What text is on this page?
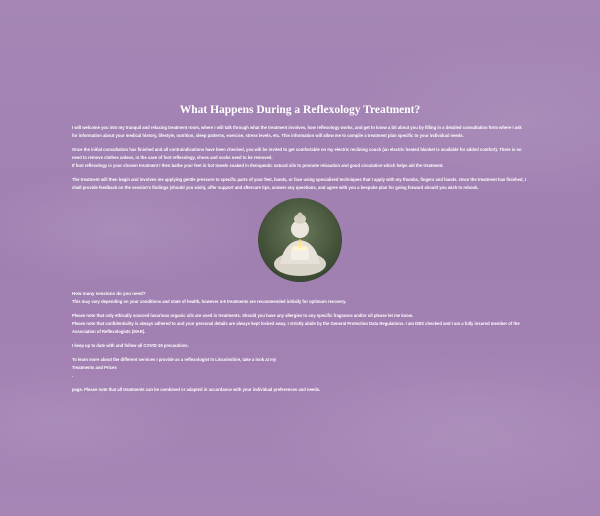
What Happens During a Reflexology Treatment?

I will welcome you into my tranquil and relaxing treatment room, where I will talk through what the treatment involves, how reflexology works, and get to know a bit about you by filling in a detailed consultation form where I ask for information about your medical history, lifestyle, nutrition, sleep patterns, exercise, stress levels, etc. This information will allow me to compile a treatment plan specific to your individual needs.

Once the initial consultation has finished and all contraindications have been checked, you will be invited to get comfortable on my electric reclining couch (an electric heated blanket is available for added comfort). There is no need to remove clothes unless, in the case of foot reflexology, shoes and socks need to be removed.
If foot reflexology is your chosen treatment I then bathe your feet in hot towels soaked in therapeutic natural oils to promote relaxation and good circulation which helps aid the treatment.

The treatment will then begin and involves me applying gentle pressure to specific parts of your feet, hands, or face using specialised techniques that I apply with my thumbs, fingers and hands. Once the treatment has finished, I shall provide feedback on the session's findings (should you wish), offer support and aftercare tips, answer any questions, and agree with you a bespoke plan for going forward should you wish to rebook.

How many sessions do you need?
This may vary depending on your conditions and state of health, however 4-6 treatments are recommended initially for optimum recovery.

Please note that only ethically sourced luxurious organic oils are used in treatments. Should you have any allergies to any specific fragrance and/or oil please let me know.
Please note that confidentiality is always adhered to and your personal details are always kept locked away. I strictly abide by the General Protection Data Regulations. I am DBS checked and I am a fully insured member of the Association of Reflexologists (MAR).

I keep up to date with and follow all COVID-19 precautions.

To learn more about the different services I provide as a reflexologist in Lincolnshire, take a look at my
Treatments and Prices
.

page. Please note that all treatments can be combined or adapted in accordance with your individual preferences and needs.
